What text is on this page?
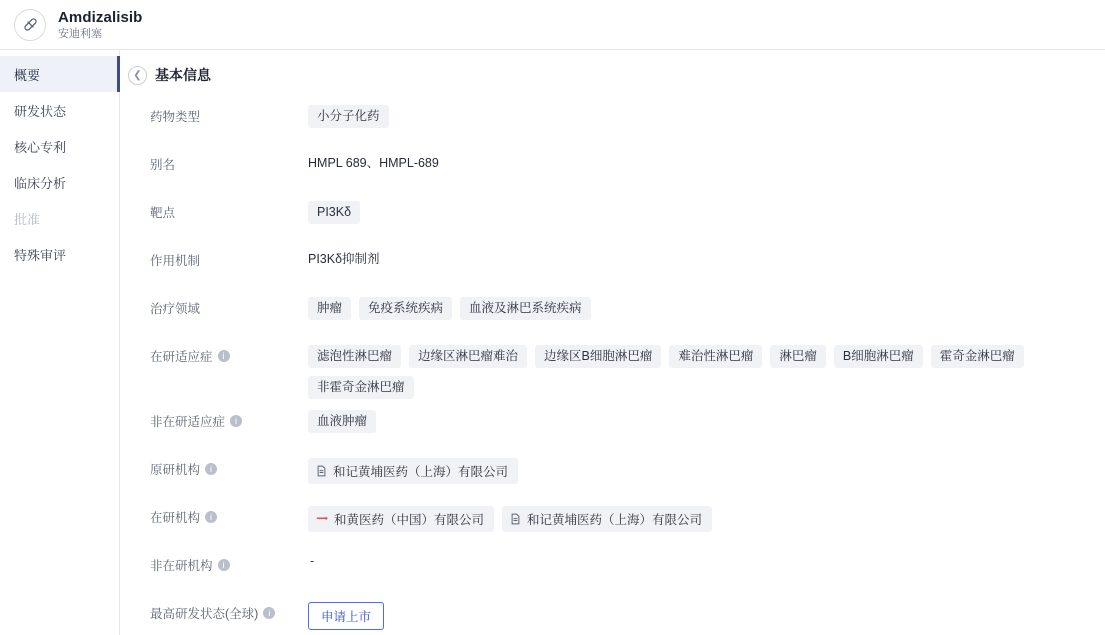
Amdizalisib
安迪利塞
概要
研发状态
核心专利
临床分析
批准
特殊审评
❮ 基本信息
药物类型	小分子化药
别名	HMPL 689、HMPL-689
靶点	PI3Kδ
作用机制	PI3Kδ抑制剂
治疗领域	肿瘤	免疫系统疾病	血液及淋巴系统疾病
在研适应症	i	滤泡性淋巴瘤	边缘区淋巴瘤难治	边缘区B细胞淋巴瘤	难治性淋巴瘤	淋巴瘤	B细胞淋巴瘤	霍奇金淋巴瘤
非霍奇金淋巴瘤
非在研适应症	i	血液肿瘤
原研机构	i	和记黄埔医药（上海）有限公司
在研机构	i	和黄医药（中国）有限公司	和记黄埔医药（上海）有限公司
非在研机构	i	-
最高研发状态(全球)	i	申请上市
